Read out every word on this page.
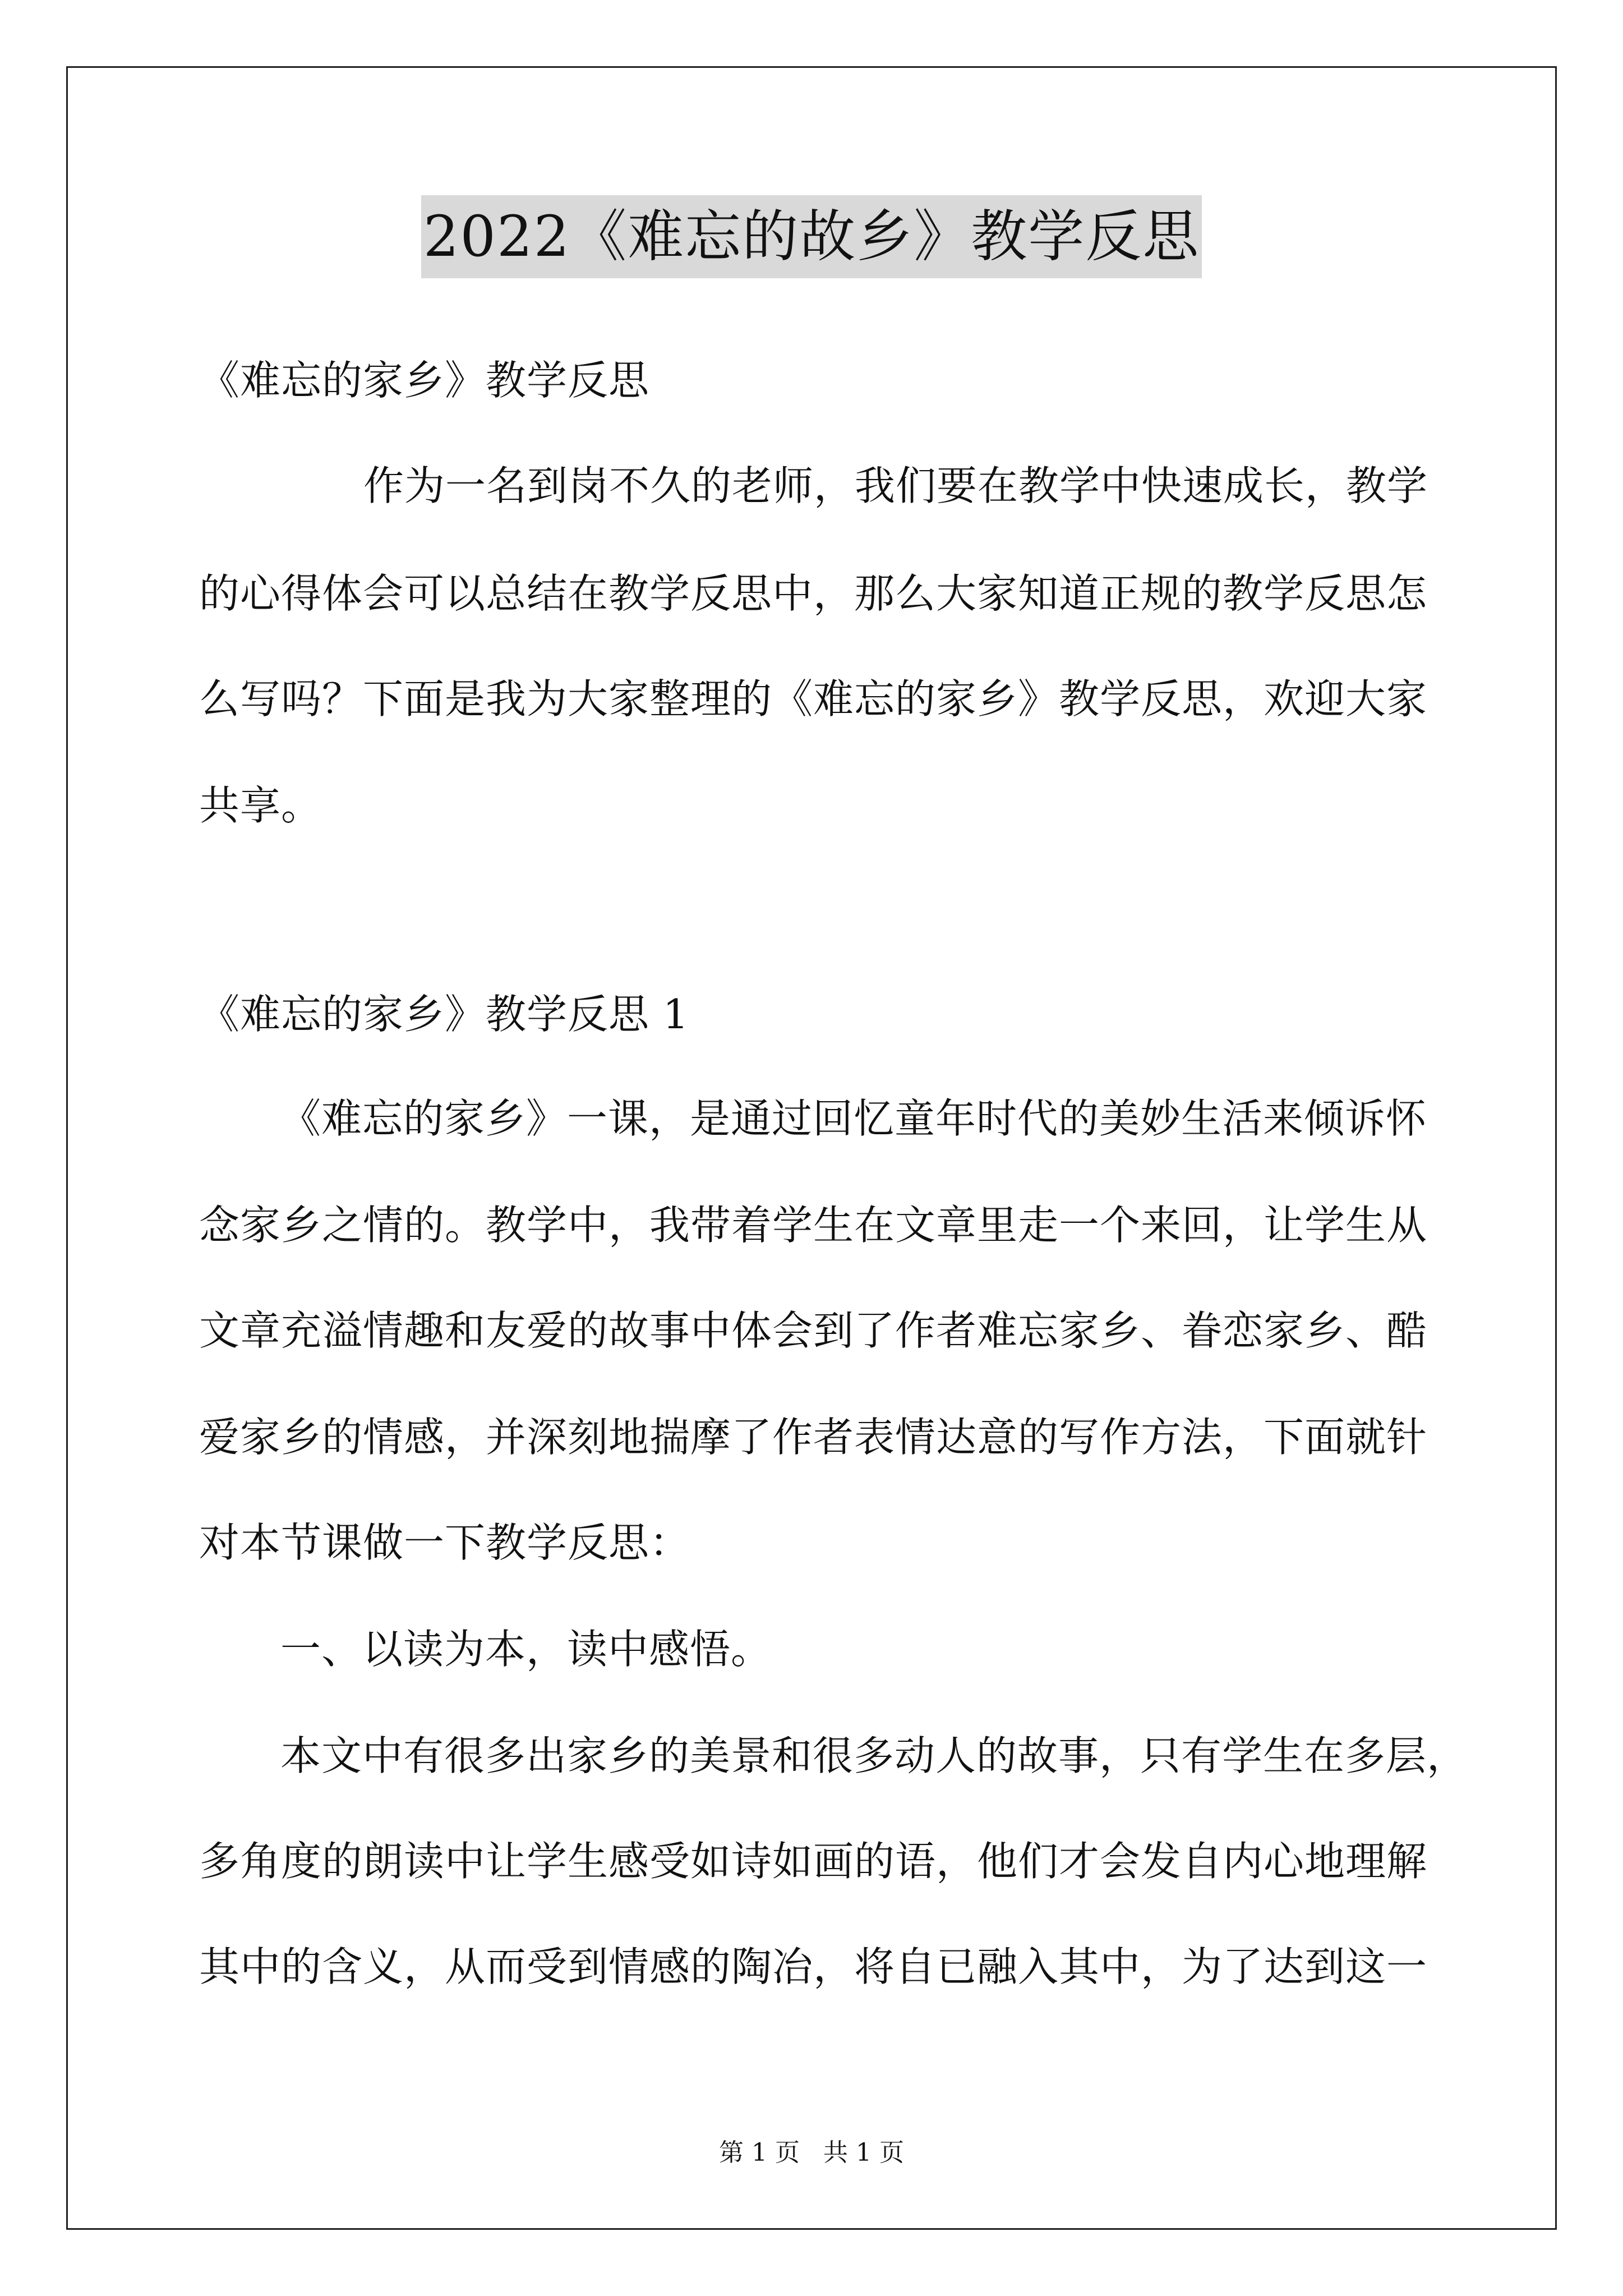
2022《难忘的故乡》教学反思
《难忘的家乡》教学反思
作为一名到岗不久的老师，我们要在教学中快速成长，教学
的心得体会可以总结在教学反思中，那么大家知道正规的教学反思怎
么写吗？下面是我为大家整理的《难忘的家乡》教学反思，欢迎大家
共享。
《难忘的家乡》教学反思 1
《难忘的家乡》一课，是通过回忆童年时代的美妙生活来倾诉怀
念家乡之情的。教学中，我带着学生在文章里走一个来回，让学生从
文章充溢情趣和友爱的故事中体会到了作者难忘家乡、眷恋家乡、酷
爱家乡的情感，并深刻地揣摩了作者表情达意的写作方法，下面就针
对本节课做一下教学反思：
一、以读为本，读中感悟。
本文中有很多出家乡的美景和很多动人的故事，只有学生在多层，
多角度的朗读中让学生感受如诗如画的语，他们才会发自内心地理解
其中的含义，从而受到情感的陶冶，将自已融入其中，为了达到这一
第 1 页   共 1 页
